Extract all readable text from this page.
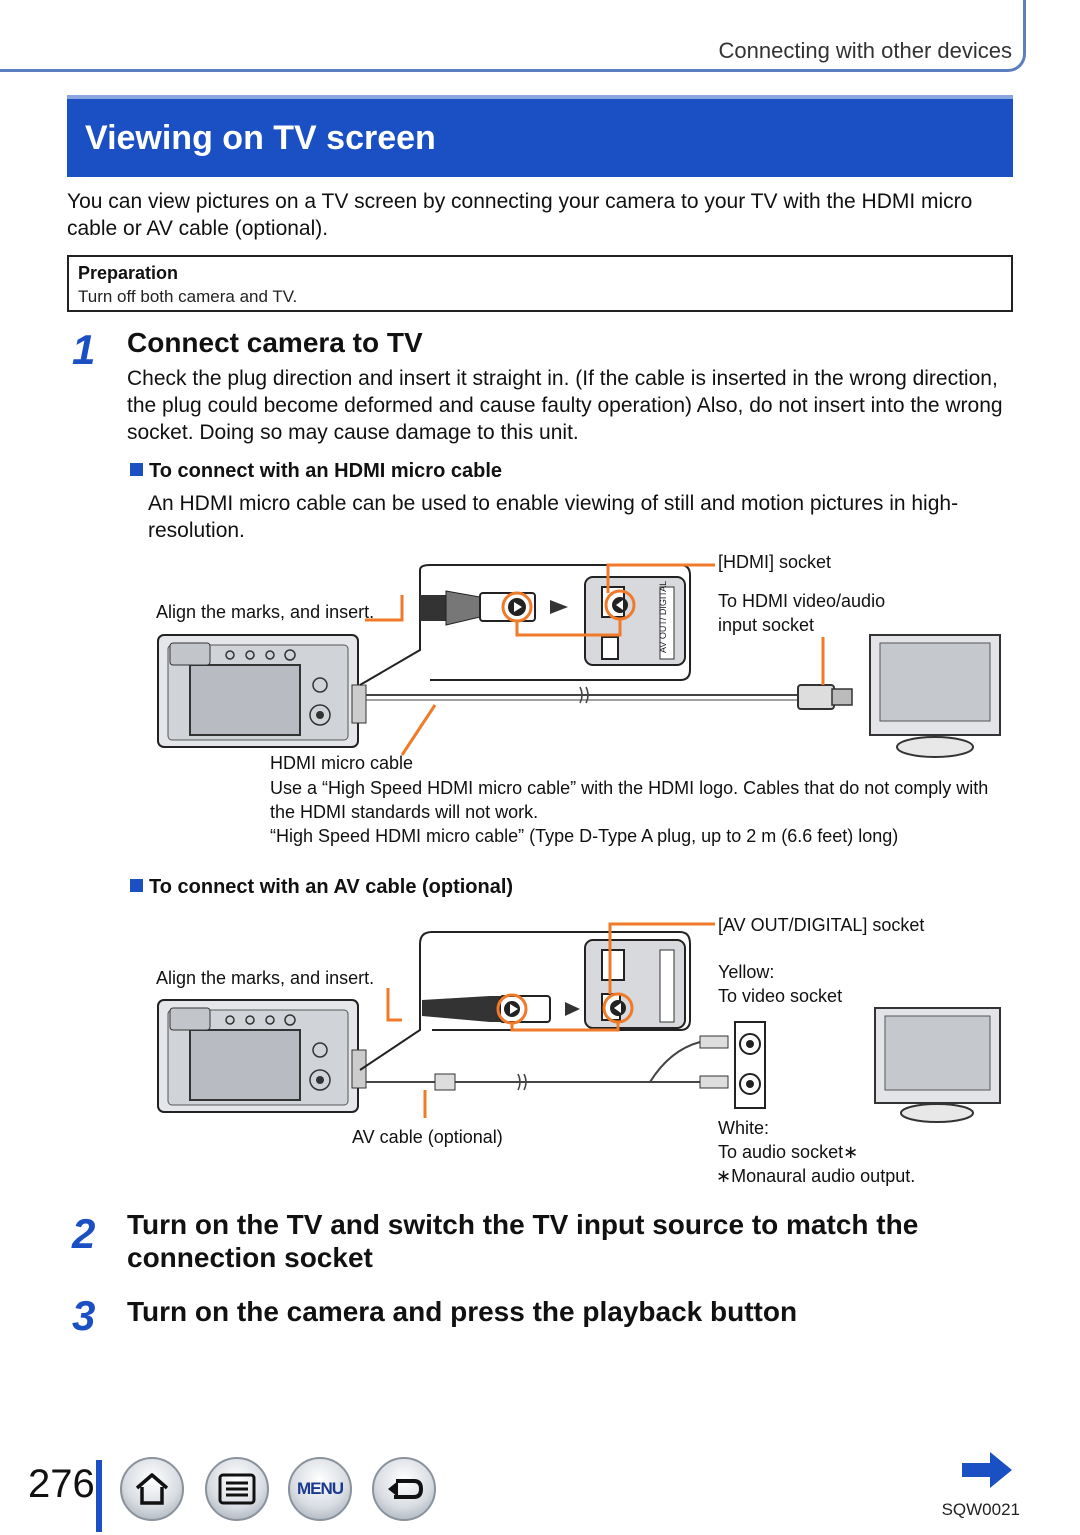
Connecting with other devices
Viewing on TV screen
You can view pictures on a TV screen by connecting your camera to your TV with the HDMI micro cable or AV cable (optional).
Preparation
Turn off both camera and TV.
1 Connect camera to TV
Check the plug direction and insert it straight in. (If the cable is inserted in the wrong direction, the plug could become deformed and cause faulty operation) Also, do not insert into the wrong socket. Doing so may cause damage to this unit.
To connect with an HDMI micro cable
An HDMI micro cable can be used to enable viewing of still and motion pictures in high-resolution.
AV OUT/ DIGITAL
Align the marks, and insert.
[HDMI] socket
To HDMI video/audio
input socket
HDMI micro cable
Use a “High Speed HDMI micro cable” with the HDMI logo. Cables that do not comply with the HDMI standards will not work.
“High Speed HDMI micro cable” (Type D-Type A plug, up to 2 m (6.6 feet) long)
To connect with an AV cable (optional)
Align the marks, and insert.
[AV OUT/DIGITAL] socket
Yellow:
To video socket
White:
To audio socket∗
∗Monaural audio output.
AV cable (optional)
2 Turn on the TV and switch the TV input source to match the connection socket
3 Turn on the camera and press the playback button
276	MENU
SQW0021
